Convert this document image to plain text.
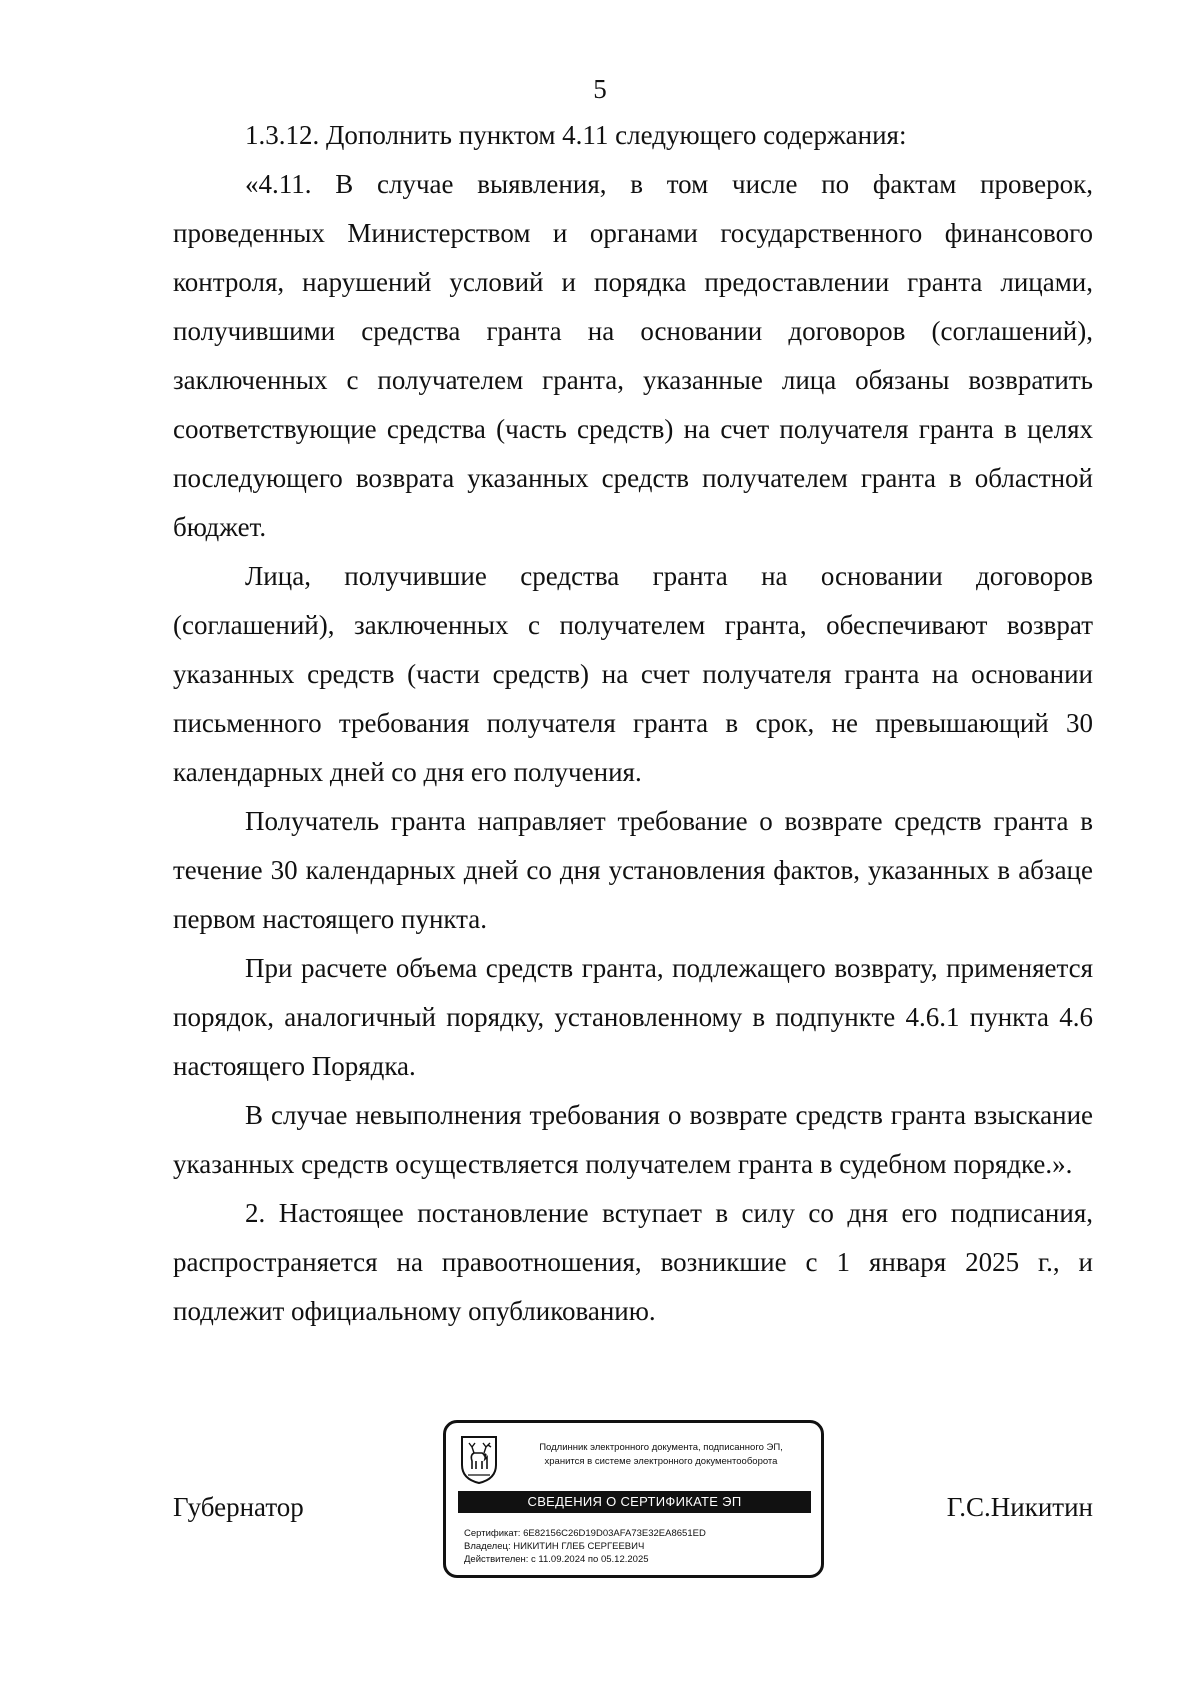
5

1.3.12. Дополнить пунктом 4.11 следующего содержания:

«4.11. В случае выявления, в том числе по фактам проверок, проведенных Министерством и органами государственного финансового контроля, нарушений условий и порядка предоставлении гранта лицами, получившими средства гранта на основании договоров (соглашений), заключенных с получателем гранта, указанные лица обязаны возвратить соответствующие средства (часть средств) на счет получателя гранта в целях последующего возврата указанных средств получателем гранта в областной бюджет.

Лица, получившие средства гранта на основании договоров (соглашений), заключенных с получателем гранта, обеспечивают возврат указанных средств (части средств) на счет получателя гранта на основании письменного требования получателя гранта в срок, не превышающий 30 календарных дней со дня его получения.

Получатель гранта направляет требование о возврате средств гранта в течение 30 календарных дней со дня установления фактов, указанных в абзаце первом настоящего пункта.

При расчете объема средств гранта, подлежащего возврату, применяется порядок, аналогичный порядку, установленному в подпункте 4.6.1 пункта 4.6 настоящего Порядка.

В случае невыполнения требования о возврате средств гранта взыскание указанных средств осуществляется получателем гранта в судебном порядке.».

2. Настоящее постановление вступает в силу со дня его подписания, распространяется на правоотношения, возникшие с 1 января 2025 г., и подлежит официальному опубликованию.

Губернатор
Подлинник электронного документа, подписанного ЭП,
хранится в системе электронного документооборота
СВЕДЕНИЯ О СЕРТИФИКАТЕ ЭП
Сертификат: 6E82156C26D19D03AFA73E32EA8651ED
Владелец: НИКИТИН ГЛЕБ СЕРГЕЕВИЧ
Действителен: с 11.09.2024 по 05.12.2025
Г.С.Никитин
